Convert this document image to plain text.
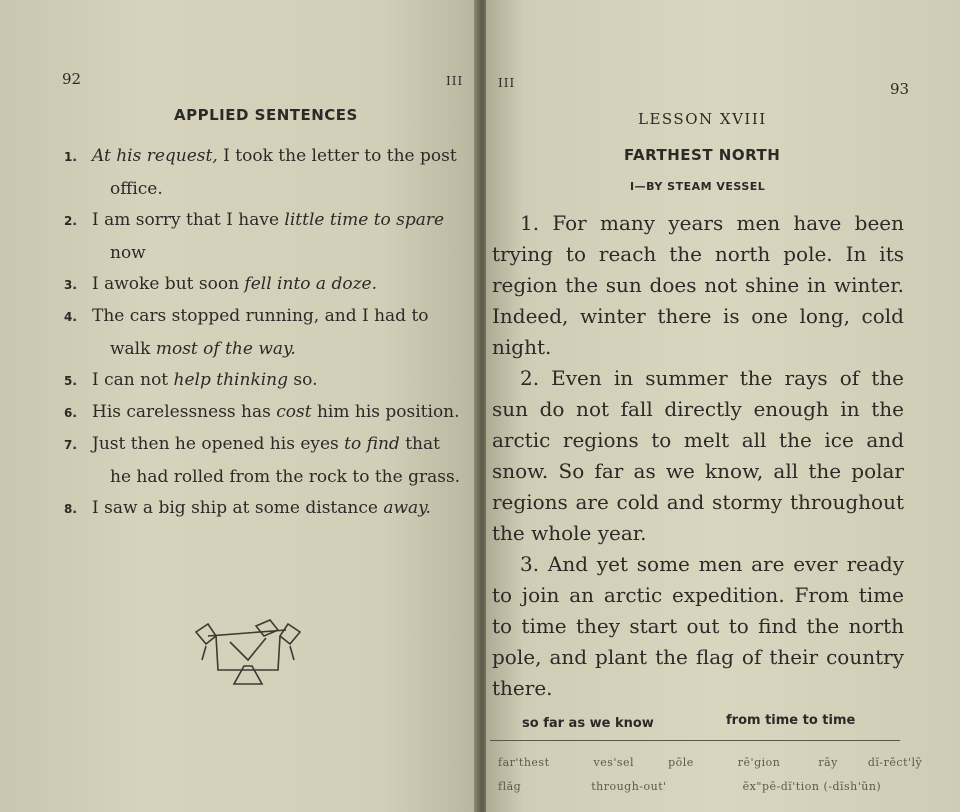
92	III
APPLIED SENTENCES
1. At his request, I took the letter to the post
office.
2. I am sorry that I have little time to spare
now
3. I awoke but soon fell into a doze.
4. The cars stopped running, and I had to
walk most of the way.
5. I can not help thinking so.
6. His carelessness has cost him his position.
7. Just then he opened his eyes to find that
he had rolled from the rock to the grass.
8. I saw a big ship at some distance away.
III	93
LESSON XVIII
FARTHEST NORTH
I—BY STEAM VESSEL

1. For many years men have been trying to reach the north pole. In its region the sun does not shine in winter. Indeed, winter there is one long, cold night.

2. Even in summer the rays of the sun do not fall directly enough in the arctic regions to melt all the ice and snow. So far as we know, all the polar regions are cold and stormy throughout the whole year.

3. And yet some men are ever ready to join an arctic expedition. From time to time they start out to find the north pole, and plant the flag of their country there.

so far as we know	from time to time
far'thest	ves'sel	pōle	rē'gion	rāy	dĭ-rĕct'lȳ
flăg	through-out'	ĕx"pē-dĭ'tion (-dĭsh'ŭn)
